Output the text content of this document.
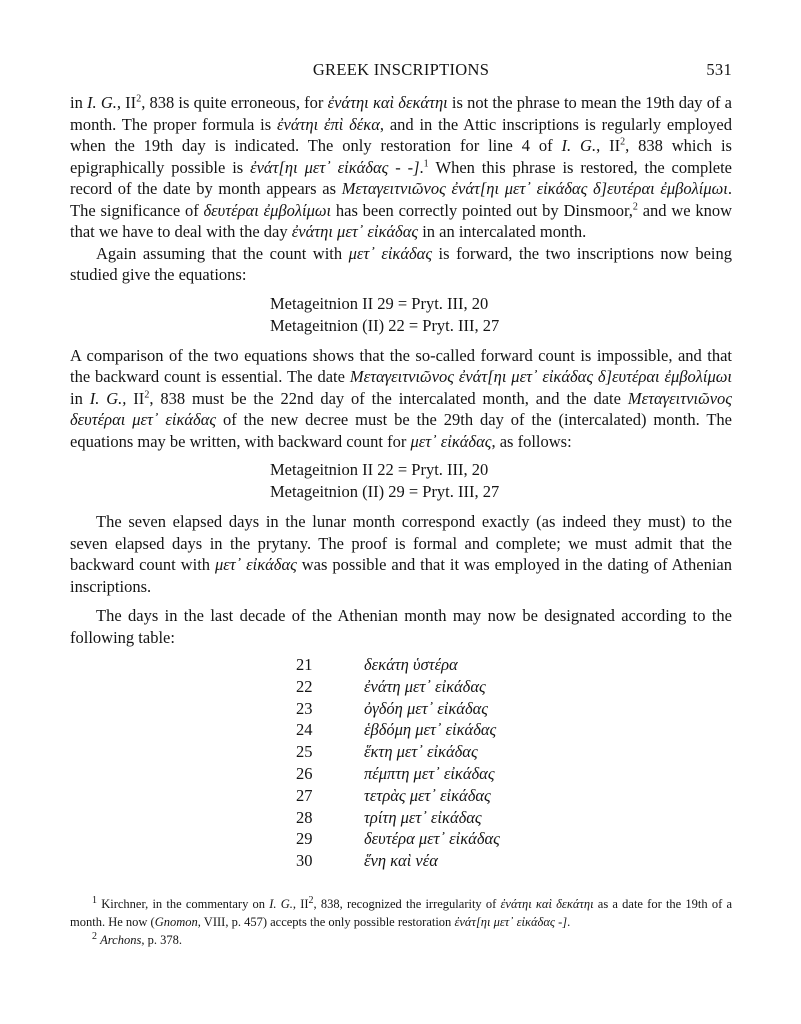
GREEK INSCRIPTIONS	531

in I. G., $II^2$, 838 is quite erroneous, for ἐνάτηι καὶ δεκάτηι is not the phrase to mean the 19th day of a month. The proper formula is ἐνάτηι ἐπὶ δέκα, and in the Attic inscriptions is regularly employed when the 19th day is indicated. The only restoration for line 4 of I. G., $II^2$, 838 which is epigraphically possible is ἐνάτ[ηι μετ᾽ εἰκάδας - -].$^1$ When this phrase is restored, the complete record of the date by month appears as Μεταγειτνιῶνος ἐνάτ[ηι μετ᾽ εἰκάδας δ]ευτέραι ἐμβολίμωι. The significance of δευτέραι ἐμβολίμωι has been correctly pointed out by Dinsmoor,$^2$ and we know that we have to deal with the day ἐνάτηι μετ᾽ εἰκάδας in an intercalated month.

Again assuming that the count with μετ᾽ εἰκάδας is forward, the two inscriptions now being studied give the equations:

Metageitnion II 29 = Pryt. III, 20
Metageitnion (II) 22 = Pryt. III, 27

A comparison of the two equations shows that the so-called forward count is impossible, and that the backward count is essential. The date Μεταγειτνιῶνος ἐνάτ[ηι μετ᾽ εἰκάδας δ]ευτέραι ἐμβολίμωι in I. G., $II^2$, 838 must be the 22nd day of the intercalated month, and the date Μεταγειτνιῶνος δευτέραι μετ᾽ εἰκάδας of the new decree must be the 29th day of the (intercalated) month. The equations may be written, with backward count for μετ᾽ εἰκάδας, as follows:

Metageitnion II 22 = Pryt. III, 20
Metageitnion (II) 29 = Pryt. III, 27

The seven elapsed days in the lunar month correspond exactly (as indeed they must) to the seven elapsed days in the prytany. The proof is formal and complete; we must admit that the backward count with μετ᾽ εἰκάδας was possible and that it was employed in the dating of Athenian inscriptions.

The days in the last decade of the Athenian month may now be designated according to the following table:

21	δεκάτη ὑστέρα
22	ἐνάτη μετ᾽ εἰκάδας
23	ὀγδόη μετ᾽ εἰκάδας
24	ἑβδόμη μετ᾽ εἰκάδας
25	ἕκτη μετ᾽ εἰκάδας
26	πέμπτη μετ᾽ εἰκάδας
27	τετρὰς μετ᾽ εἰκάδας
28	τρίτη μετ᾽ εἰκάδας
29	δευτέρα μετ᾽ εἰκάδας
30	ἕνη καὶ νέα

$^1$ Kirchner, in the commentary on I. G., $II^2$, 838, recognized the irregularity of ἐνάτηι καὶ δεκάτηι as a date for the 19th of a month. He now (Gnomon, VIII, p. 457) accepts the only possible restoration ἐνάτ[ηι μετ᾽ εἰκάδας -].

$^2$ Archons, p. 378.
